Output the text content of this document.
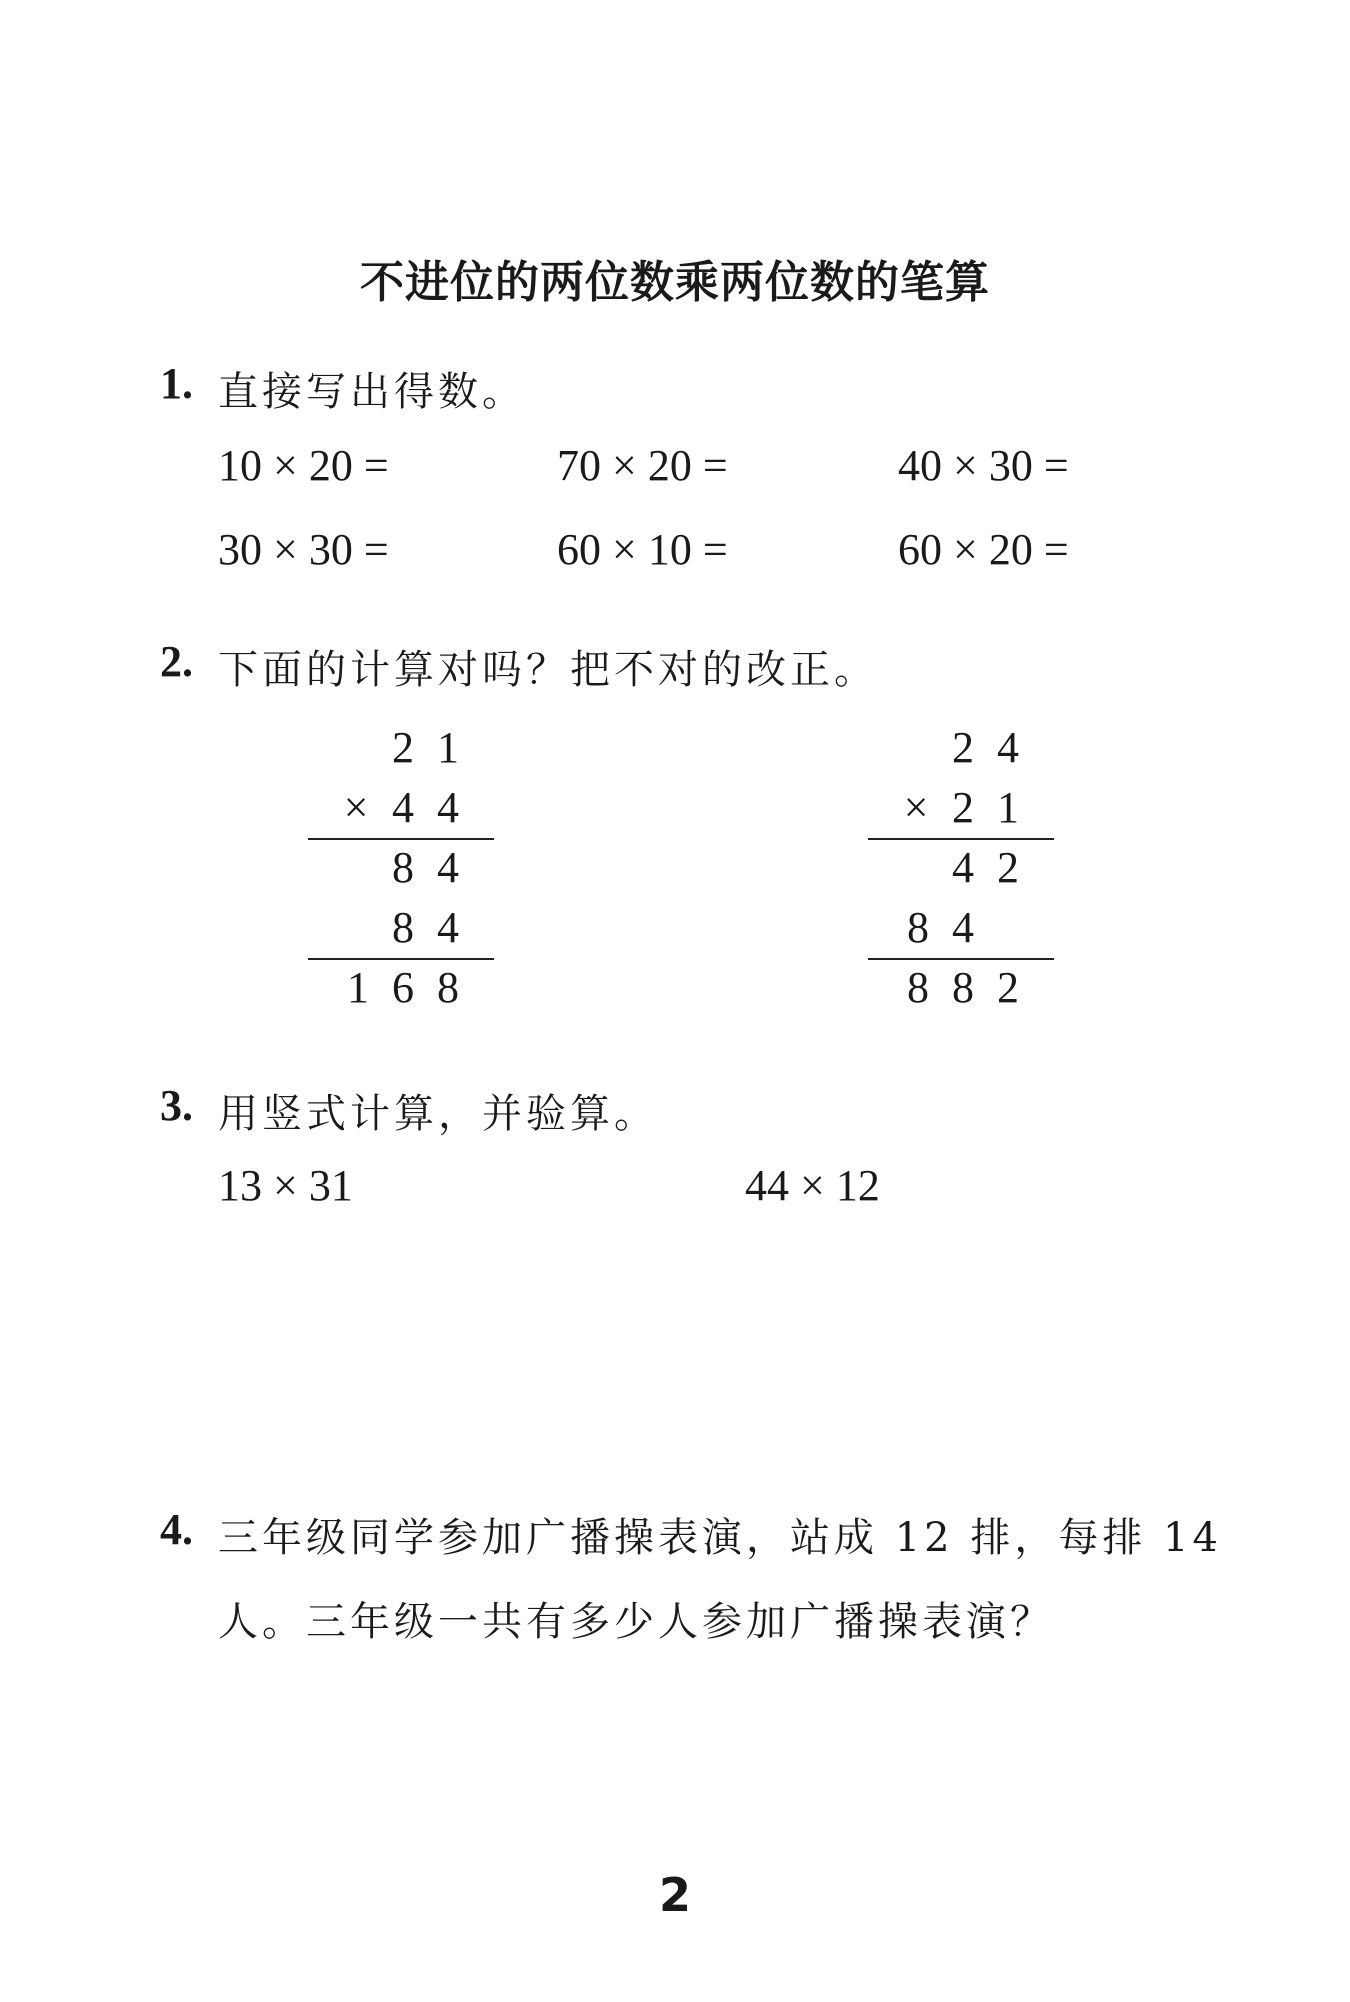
不进位的两位数乘两位数的笔算
1. 直接写出得数。
10 × 20 =	70 × 20 =	40 × 30 =
30 × 30 =	60 × 10 =	60 × 20 =
2. 下面的计算对吗？把不对的改正。
2 1
× 4 4
8 4
8 4
1 6 8
2 4
× 2 1
4 2
8 4
8 8 2
3. 用竖式计算，并验算。
13 × 31	44 × 12
4. 三年级同学参加广播操表演，站成 12 排，每排 14
人。三年级一共有多少人参加广播操表演？
2
